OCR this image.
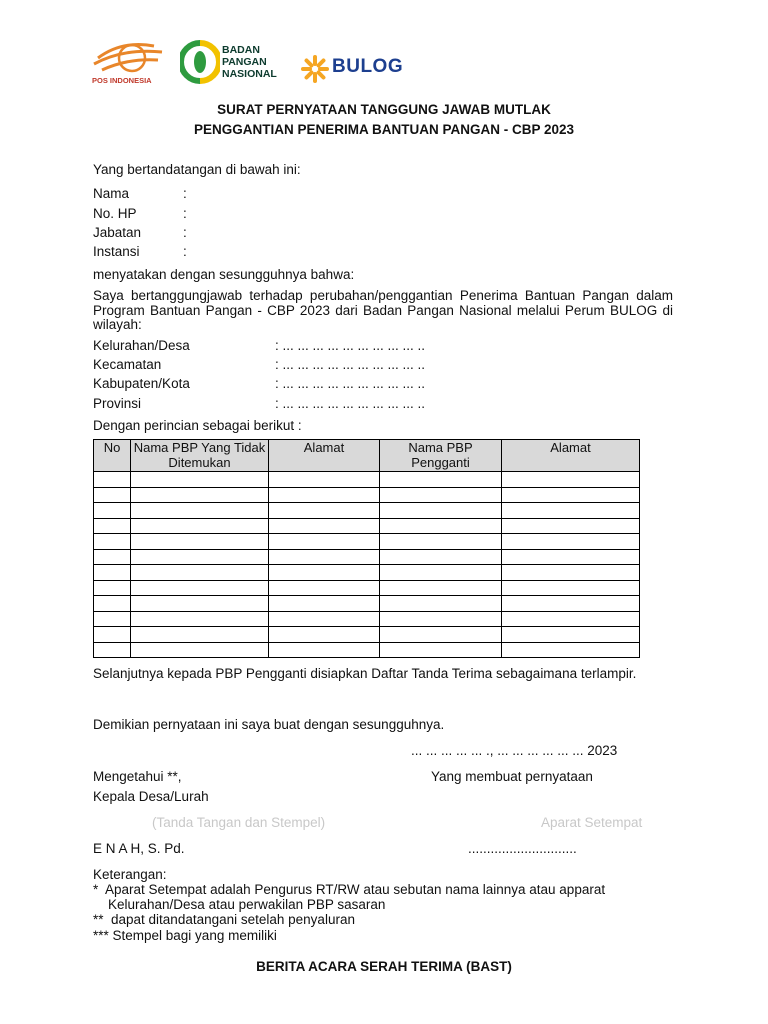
POS INDONESIA
BADAN
PANGAN
NASIONAL	BULOG
SURAT PERNYATAAN TANGGUNG JAWAB MUTLAK
PENGGANTIAN PENERIMA BANTUAN PANGAN - CBP 2023
Yang bertandatangan di bawah ini:
Nama	:
No. HP	:
Jabatan	:
Instansi	:
menyatakan dengan sesungguhnya bahwa:
Saya bertanggungjawab terhadap perubahan/penggantian Penerima Bantuan Pangan dalam Program Bantuan Pangan - CBP 2023 dari Badan Pangan Nasional melalui Perum BULOG di wilayah:
Kelurahan/Desa	: ... ... ... ... ... ... ... ... ... ..
Kecamatan	: ... ... ... ... ... ... ... ... ... ..
Kabupaten/Kota	: ... ... ... ... ... ... ... ... ... ..
Provinsi	: ... ... ... ... ... ... ... ... ... ..
Dengan perincian sebagai berikut :
No	Nama PBP Yang Tidak Ditemukan	Alamat	Nama PBP Pengganti	Alamat

Selanjutnya kepada PBP Pengganti disiapkan Daftar Tanda Terima sebagaimana terlampir.
Demikian pernyataan ini saya buat dengan sesungguhnya.
... ... ... ... ... ., ... ... ... ... ... ... 2023
Mengetahui **,	Yang membuat pernyataan
Kepala Desa/Lurah
(Tanda Tangan dan Stempel)	Aparat Setempat
E N A H, S. Pd.	.............................
Keterangan:
*  Aparat Setempat adalah Pengurus RT/RW atau sebutan nama lainnya atau apparat
Kelurahan/Desa atau perwakilan PBP sasaran
**  dapat ditandatangani setelah penyaluran
*** Stempel bagi yang memiliki
BERITA ACARA SERAH TERIMA (BAST)
